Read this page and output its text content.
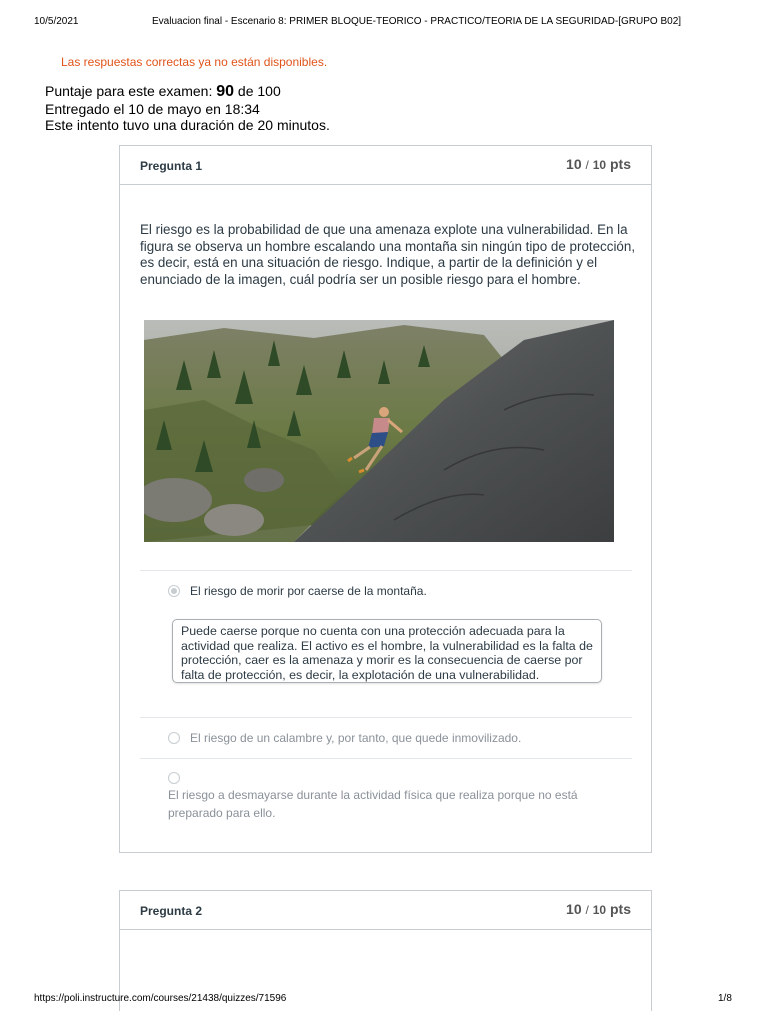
10/5/2021	Evaluacion final - Escenario 8: PRIMER BLOQUE-TEORICO - PRACTICO/TEORIA DE LA SEGURIDAD-[GRUPO B02]
Las respuestas correctas ya no están disponibles.
Puntaje para este examen: 90 de 100
Entregado el 10 de mayo en 18:34
Este intento tuvo una duración de 20 minutos.
Pregunta 1	10 / 10 pts
El riesgo es la probabilidad de que una amenaza explote una vulnerabilidad. En la figura se observa un hombre escalando una montaña sin ningún tipo de protección, es decir, está en una situación de riesgo. Indique, a partir de la definición y el enunciado de la imagen, cuál podría ser un posible riesgo para el hombre.
El riesgo de morir por caerse de la montaña.
Puede caerse porque no cuenta con una protección adecuada para la actividad que realiza. El activo es el hombre, la vulnerabilidad es la falta de protección, caer es la amenaza y morir es la consecuencia de caerse por falta de protección, es decir, la explotación de una vulnerabilidad.
El riesgo de un calambre y, por tanto, que quede inmovilizado.
El riesgo a desmayarse durante la actividad física que realiza porque no está preparado para ello.
Pregunta 2	10 / 10 pts
https://poli.instructure.com/courses/21438/quizzes/71596	1/8
